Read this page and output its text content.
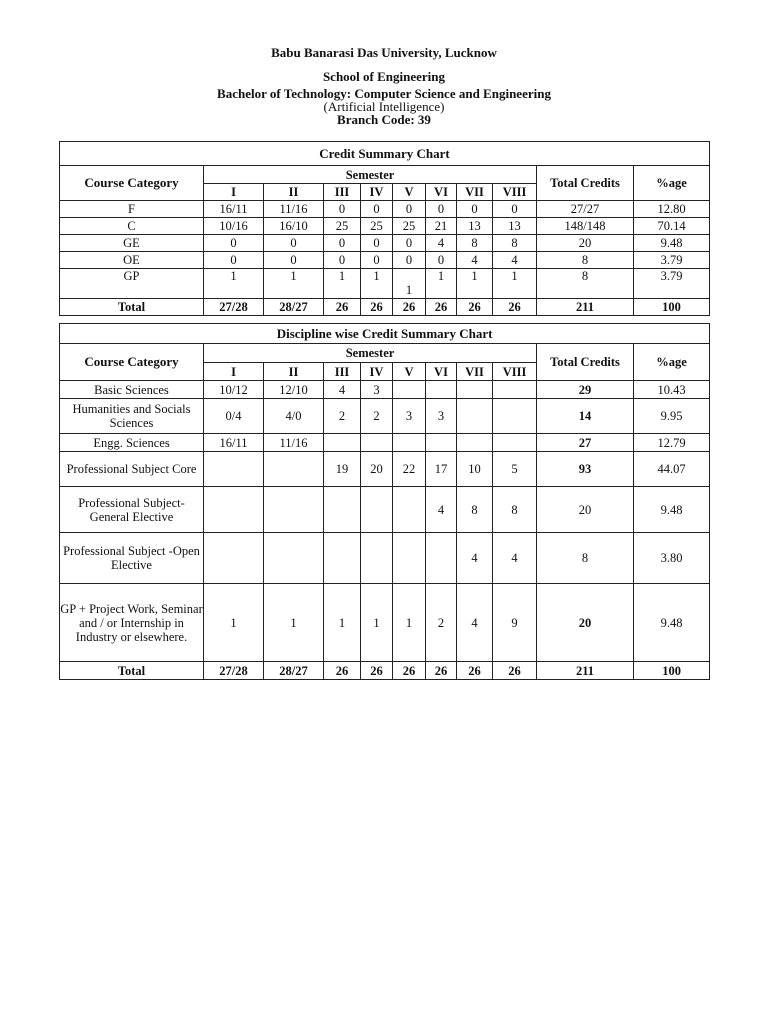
Babu Banarasi Das University, Lucknow
School of Engineering
Bachelor of Technology: Computer Science and Engineering
(Artificial Intelligence)
Branch Code: 39
Credit Summary Chart										
Course Category	Semester								Total Credits	%age
	I	II	III	IV	V	VI	VII	VIII		
F	16/11	11/16	0	0	0	0	0	0	27/27	12.80
C	10/16	16/10	25	25	25	21	13	13	148/148	70.14
GE	0	0	0	0	0	4	8	8	20	9.48
OE	0	0	0	0	0	0	4	4	8	3.79
GP	1	1	1	1	1	1	1	1	8	3.79
Total	27/28	28/27	26	26	26	26	26	26	211	100
Discipline wise Credit Summary Chart										
Course Category	Semester								Total Credits	%age
	I	II	III	IV	V	VI	VII	VIII		
Basic Sciences	10/12	12/10	4	3					29	10.43
Humanities and Socials Sciences	0/4	4/0	2	2	3	3			14	9.95
Engg. Sciences	16/11	11/16							27	12.79
Professional Subject Core			19	20	22	17	10	5	93	44.07
Professional Subject-General Elective						4	8	8	20	9.48
Professional Subject -Open Elective							4	4	8	3.80
GP + Project Work, Seminar and / or Internship in Industry or elsewhere.	1	1	1	1	1	2	4	9	20	9.48
Total	27/28	28/27	26	26	26	26	26	26	211	100
